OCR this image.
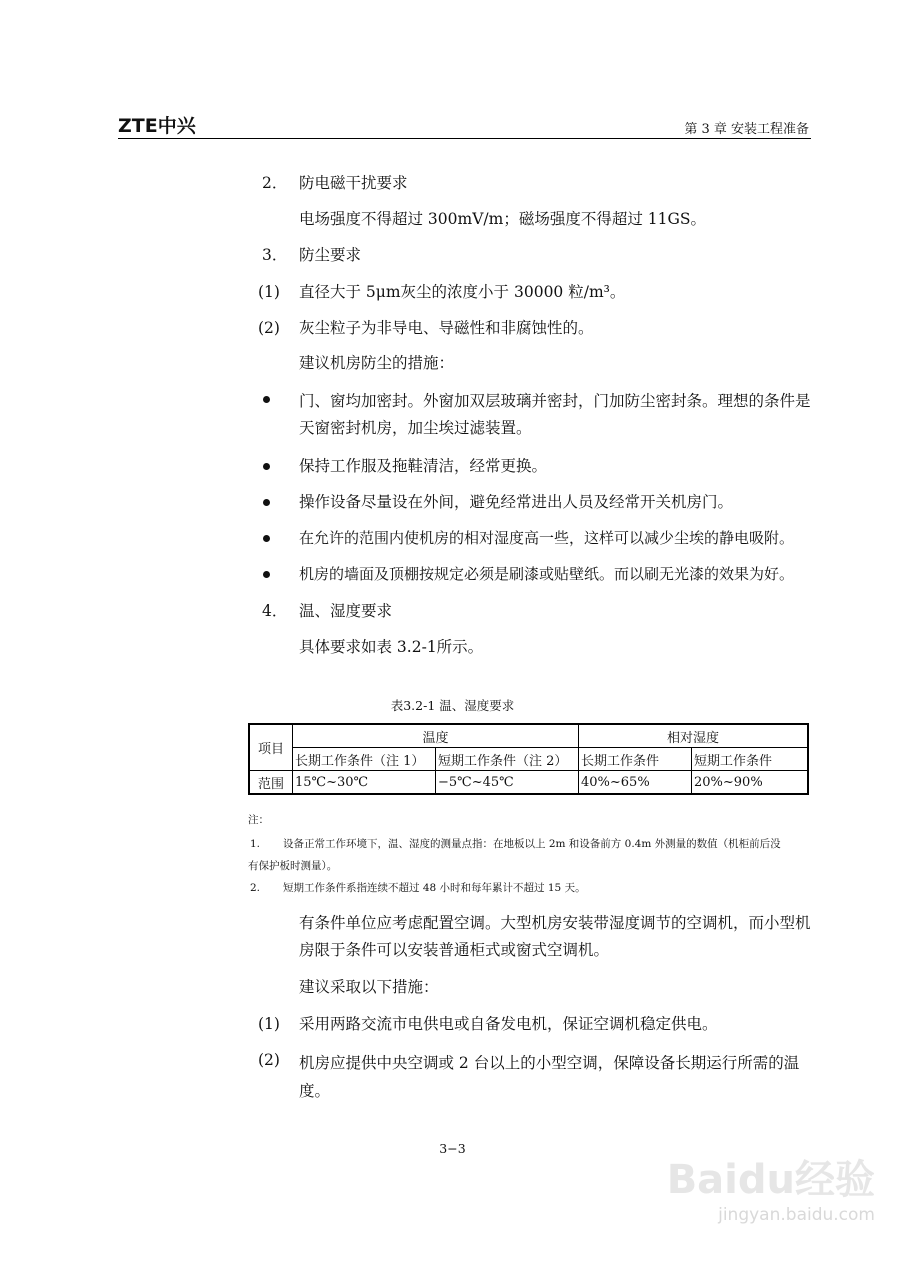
ZTE中兴	第 3 章 安装工程准备
2． 防电磁干扰要求
电场强度不得超过 300mV/m；磁场强度不得超过 11GS。
3． 防尘要求
(1) 直径大于 5μm灰尘的浓度小于 30000 粒/m³。
(2) 灰尘粒子为非导电、导磁性和非腐蚀性的。
建议机房防尘的措施：
门、窗均加密封。外窗加双层玻璃并密封，门加防尘密封条。理想的条件是天窗密封机房，加尘埃过滤装置。
保持工作服及拖鞋清洁，经常更换。
操作设备尽量设在外间，避免经常进出人员及经常开关机房门。
在允许的范围内使机房的相对湿度高一些，这样可以减少尘埃的静电吸附。
机房的墙面及顶棚按规定必须是刷漆或贴壁纸。而以刷无光漆的效果为好。
4． 温、湿度要求
具体要求如表 3.2-1所示。
表3.2-1 温、湿度要求
项目	温度		相对湿度	
	长期工作条件（注 1）	短期工作条件（注 2）	长期工作条件	短期工作条件
范围	15℃~30℃	−5℃~45℃	40%~65%	20%~90%
注：
1. 设备正常工作环境下，温、湿度的测量点指：在地板以上 2m 和设备前方 0.4m 外测量的数值（机柜前后没
有保护板时测量）。
2. 短期工作条件系指连续不超过 48 小时和每年累计不超过 15 天。
有条件单位应考虑配置空调。大型机房安装带湿度调节的空调机，而小型机房限于条件可以安装普通柜式或窗式空调机。
建议采取以下措施：
(1) 采用两路交流市电供电或自备发电机，保证空调机稳定供电。
(2) 机房应提供中央空调或 2 台以上的小型空调，保障设备长期运行所需的温度。
3−3
Baidu经验
jingyan.baidu.com
